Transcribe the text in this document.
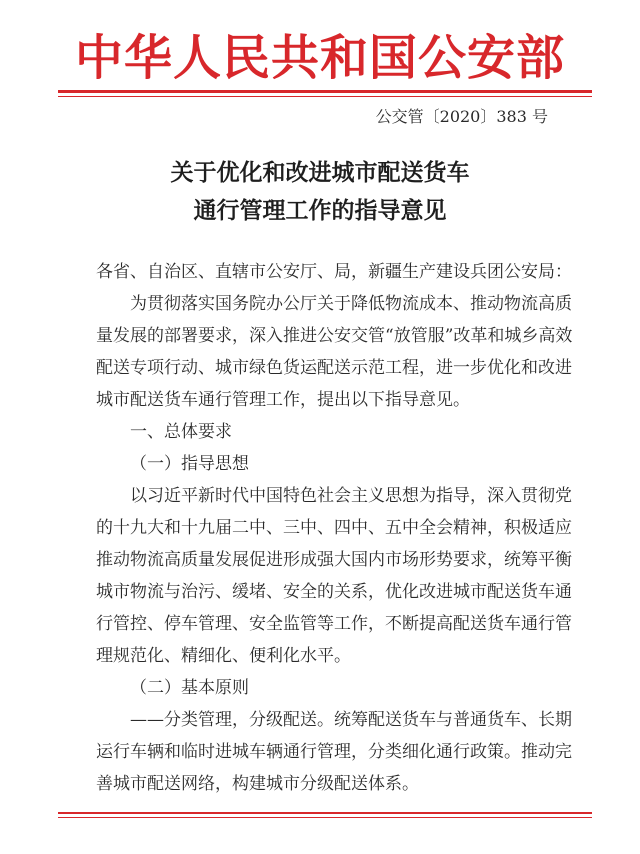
中华人民共和国公安部
公交管〔2020〕383 号
关于优化和改进城市配送货车
通行管理工作的指导意见
各省、自治区、直辖市公安厅、局，新疆生产建设兵团公安局：
为贯彻落实国务院办公厅关于降低物流成本、推动物流高质
量发展的部署要求，深入推进公安交管“放管服”改革和城乡高效
配送专项行动、城市绿色货运配送示范工程，进一步优化和改进
城市配送货车通行管理工作，提出以下指导意见。
一、总体要求
（一）指导思想
以习近平新时代中国特色社会主义思想为指导，深入贯彻党
的十九大和十九届二中、三中、四中、五中全会精神，积极适应
推动物流高质量发展促进形成强大国内市场形势要求，统筹平衡
城市物流与治污、缓堵、安全的关系，优化改进城市配送货车通
行管控、停车管理、安全监管等工作，不断提高配送货车通行管
理规范化、精细化、便利化水平。
（二）基本原则
——分类管理，分级配送。统筹配送货车与普通货车、长期
运行车辆和临时进城车辆通行管理，分类细化通行政策。推动完
善城市配送网络，构建城市分级配送体系。
